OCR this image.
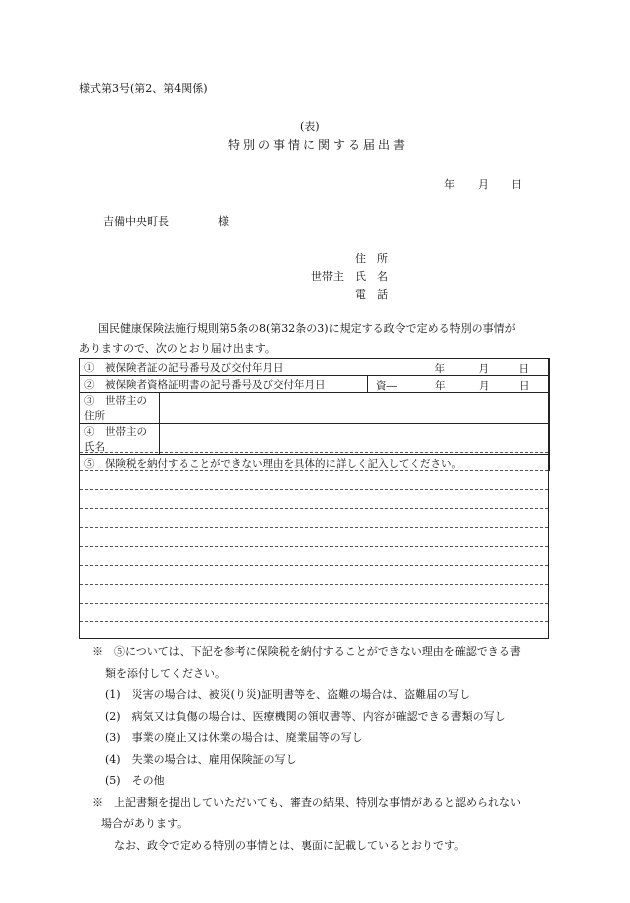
様式第3号(第2、第4関係)
(表)
特別の事情に関する届出書
年 月 日
吉備中央町長	様
住　所
世帯主 氏　名
電　話
国民健康保険法施行規則第5条の8(第32条の3)に規定する政令で定める特別の事情が
ありますので、次のとおり届け出ます。
①　被保険者証の記号番号及び交付年月日		年 月 日

②　被保険者資格証明書の記号番号及び交付年月日		資― 年 月 日

③　世帯主の住所		
④　世帯主の氏名		
⑤　保険税を納付することができない理由を具体的に詳しく記入してください。		
※　⑤については、下記を参考に保険税を納付することができない理由を確認できる書
類を添付してください。
(1)　災害の場合は、被災(り災)証明書等を、盗難の場合は、盗難届の写し
(2)　病気又は負傷の場合は、医療機関の領収書等、内容が確認できる書類の写し
(3)　事業の廃止又は休業の場合は、廃業届等の写し
(4)　失業の場合は、雇用保険証の写し
(5)　その他
※　上記書類を提出していただいても、審査の結果、特別な事情があると認められない
場合があります。
なお、政令で定める特別の事情とは、裏面に記載しているとおりです。
